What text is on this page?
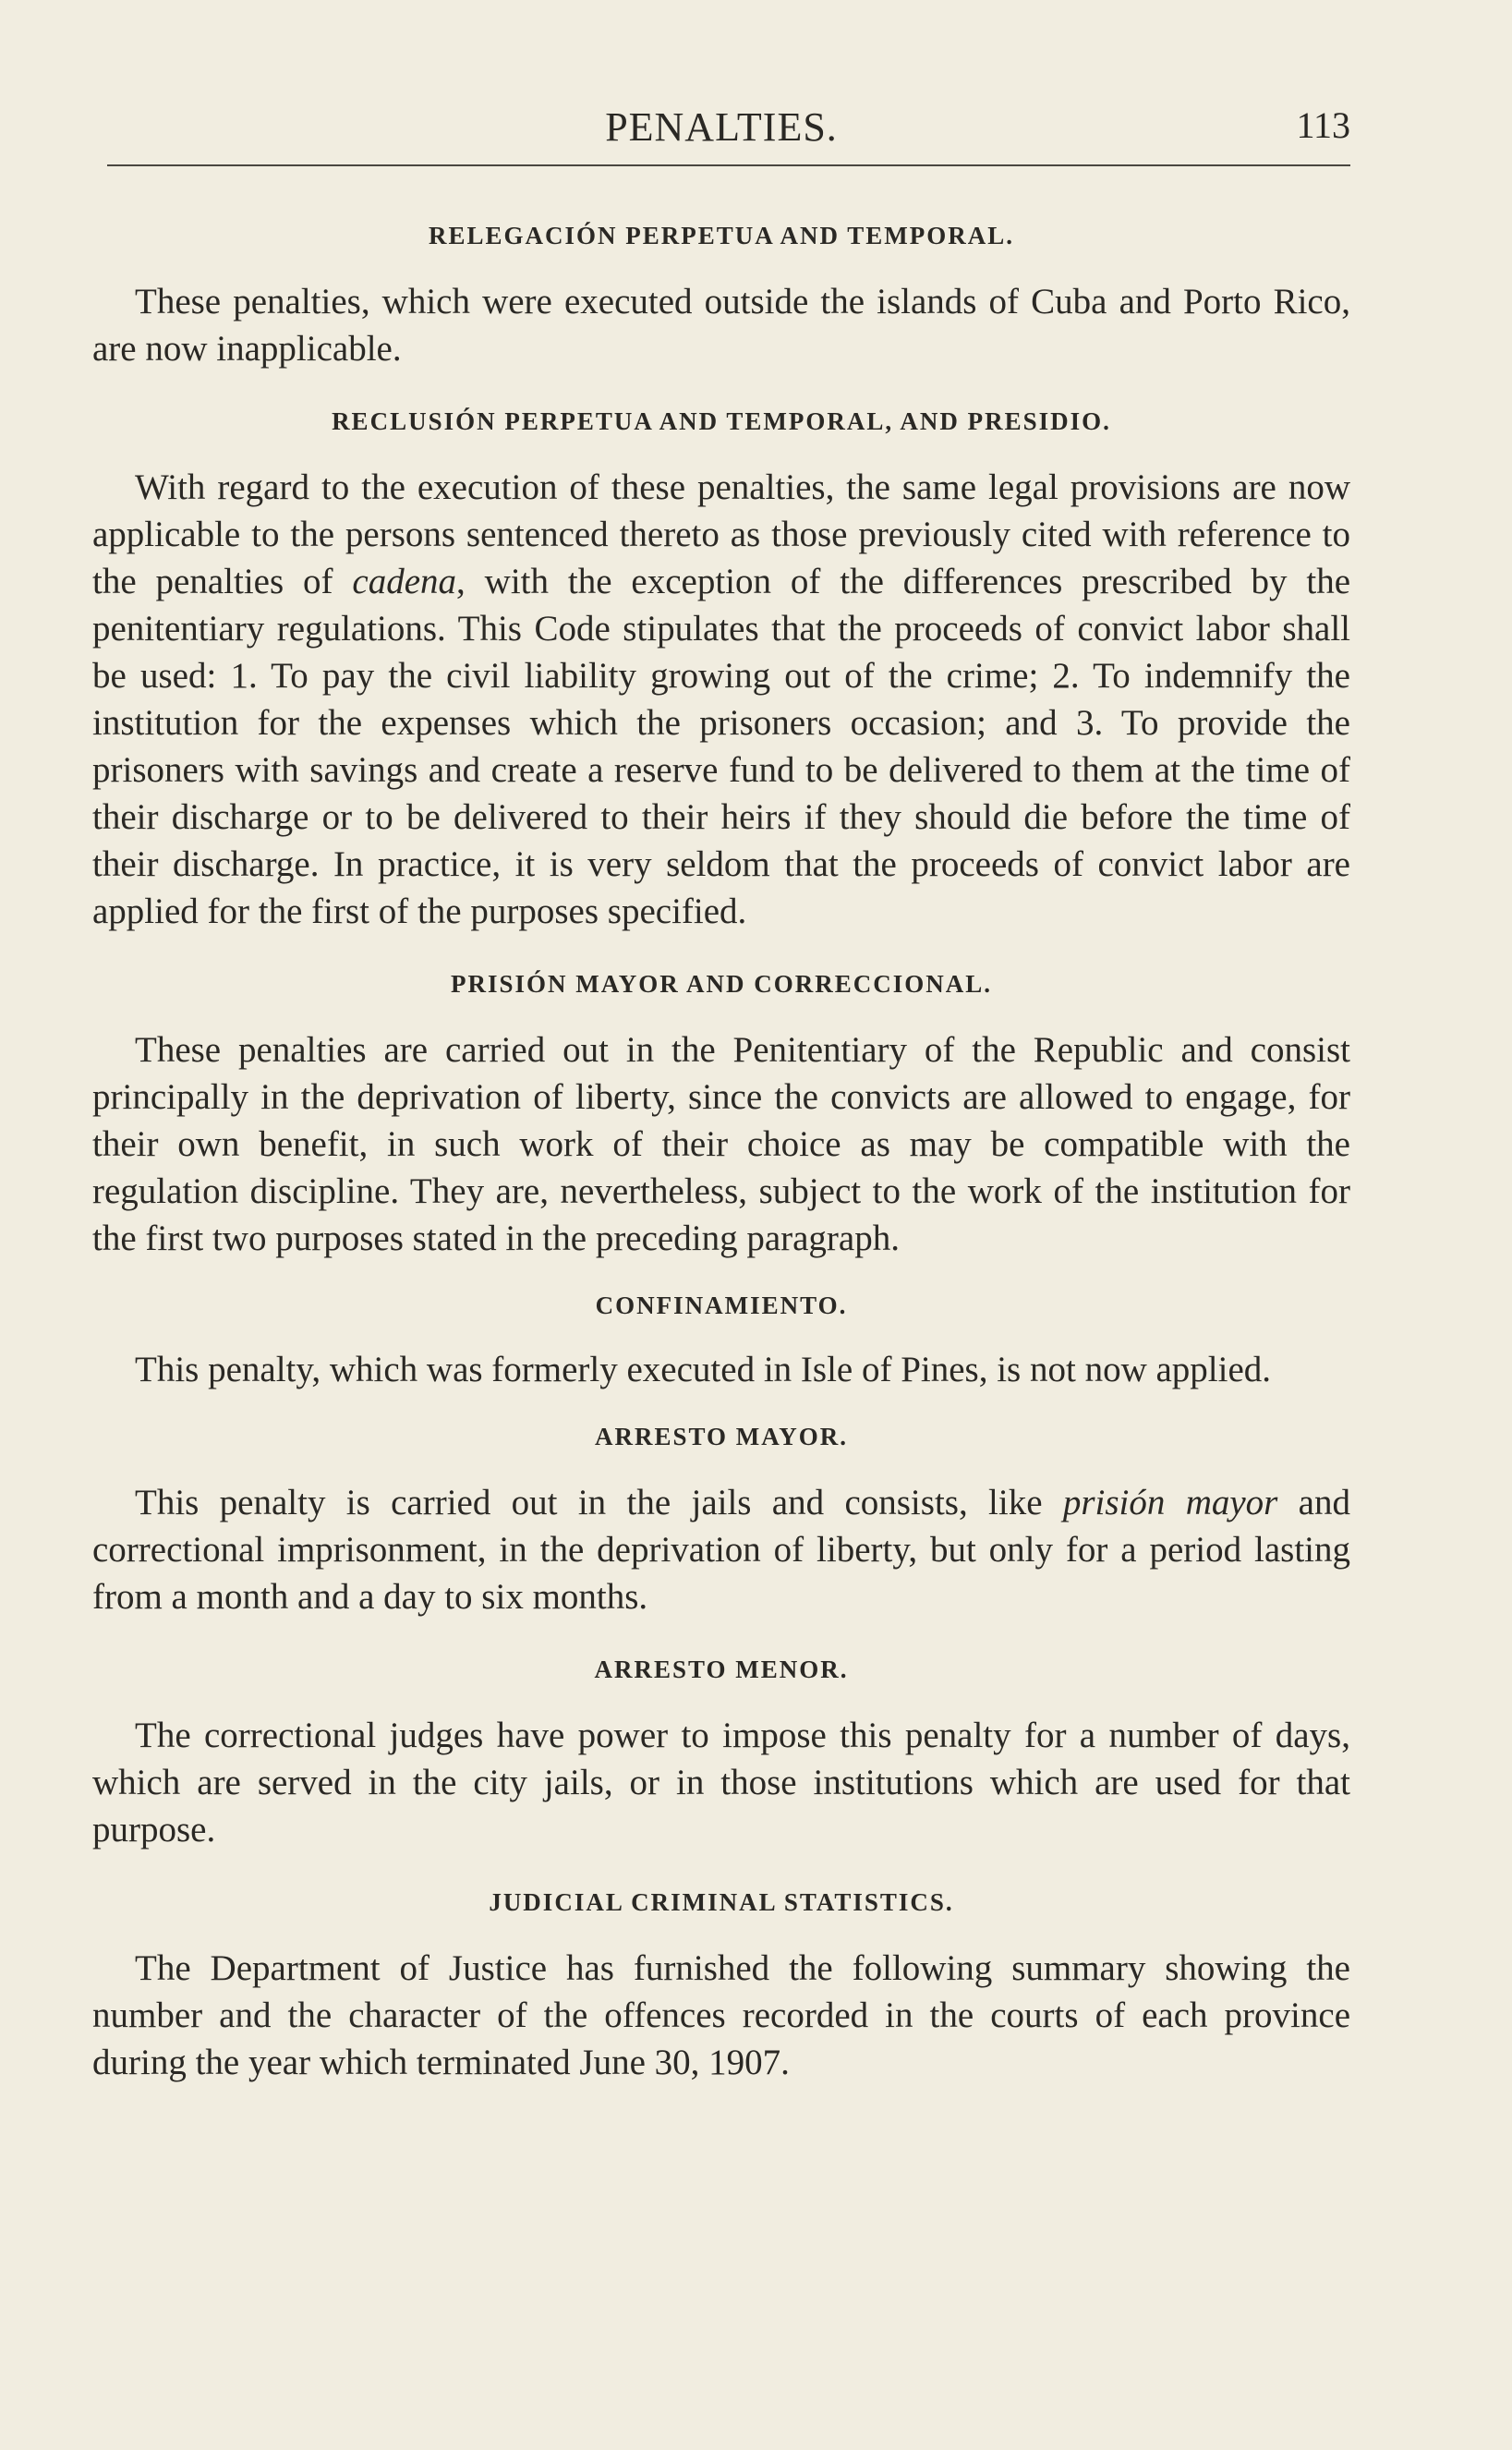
PENALTIES.	113
RELEGACIÓN PERPETUA AND TEMPORAL.

These penalties, which were executed outside the islands of Cuba and Porto Rico, are now inapplicable.

RECLUSIÓN PERPETUA AND TEMPORAL, AND PRESIDIO.

With regard to the execution of these penalties, the same legal provisions are now applicable to the persons sentenced thereto as those previously cited with reference to the penalties of cadena, with the exception of the differences prescribed by the penitentiary regulations. This Code stipulates that the proceeds of convict labor shall be used: 1. To pay the civil liability growing out of the crime; 2. To indemnify the institution for the expenses which the prisoners occasion; and 3. To provide the prisoners with savings and create a reserve fund to be delivered to them at the time of their discharge or to be delivered to their heirs if they should die before the time of their discharge. In practice, it is very seldom that the proceeds of convict labor are applied for the first of the purposes specified.

PRISIÓN MAYOR AND CORRECCIONAL.

These penalties are carried out in the Penitentiary of the Republic and consist principally in the deprivation of liberty, since the convicts are allowed to engage, for their own benefit, in such work of their choice as may be compatible with the regulation discipline. They are, nevertheless, subject to the work of the institution for the first two purposes stated in the preceding paragraph.

CONFINAMIENTO.

This penalty, which was formerly executed in Isle of Pines, is not now applied.

ARRESTO MAYOR.

This penalty is carried out in the jails and consists, like prisión mayor and correctional imprisonment, in the deprivation of liberty, but only for a period lasting from a month and a day to six months.

ARRESTO MENOR.

The correctional judges have power to impose this penalty for a number of days, which are served in the city jails, or in those institutions which are used for that purpose.

JUDICIAL CRIMINAL STATISTICS.

The Department of Justice has furnished the following summary showing the number and the character of the offences recorded in the courts of each province during the year which terminated June 30, 1907.
